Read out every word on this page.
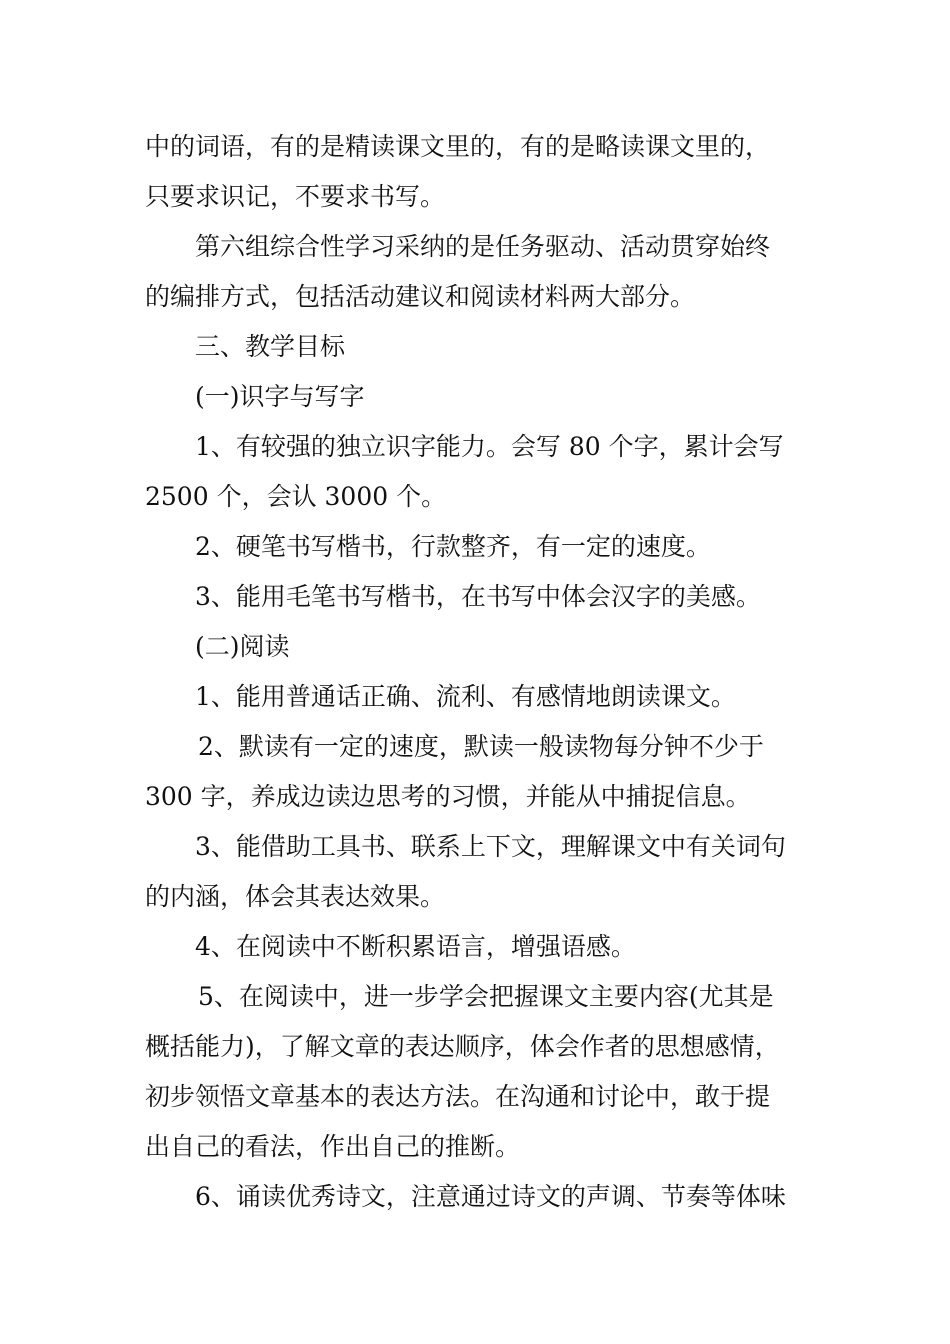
中的词语，有的是精读课文里的，有的是略读课文里的，
只要求识记，不要求书写。
第六组综合性学习采纳的是任务驱动、活动贯穿始终
的编排方式，包括活动建议和阅读材料两大部分。
三、教学目标
(一)识字与写字
1、有较强的独立识字能力。会写 80 个字，累计会写
2500 个，会认 3000 个。
2、硬笔书写楷书，行款整齐，有一定的速度。
3、能用毛笔书写楷书，在书写中体会汉字的美感。
(二)阅读
1、能用普通话正确、流利、有感情地朗读课文。
2、默读有一定的速度，默读一般读物每分钟不少于
300 字，养成边读边思考的习惯，并能从中捕捉信息。
3、能借助工具书、联系上下文，理解课文中有关词句
的内涵，体会其表达效果。
4、在阅读中不断积累语言，增强语感。
5、在阅读中，进一步学会把握课文主要内容(尤其是
概括能力)，了解文章的表达顺序，体会作者的思想感情，
初步领悟文章基本的表达方法。在沟通和讨论中，敢于提
出自己的看法，作出自己的推断。
6、诵读优秀诗文，注意通过诗文的声调、节奏等体味
